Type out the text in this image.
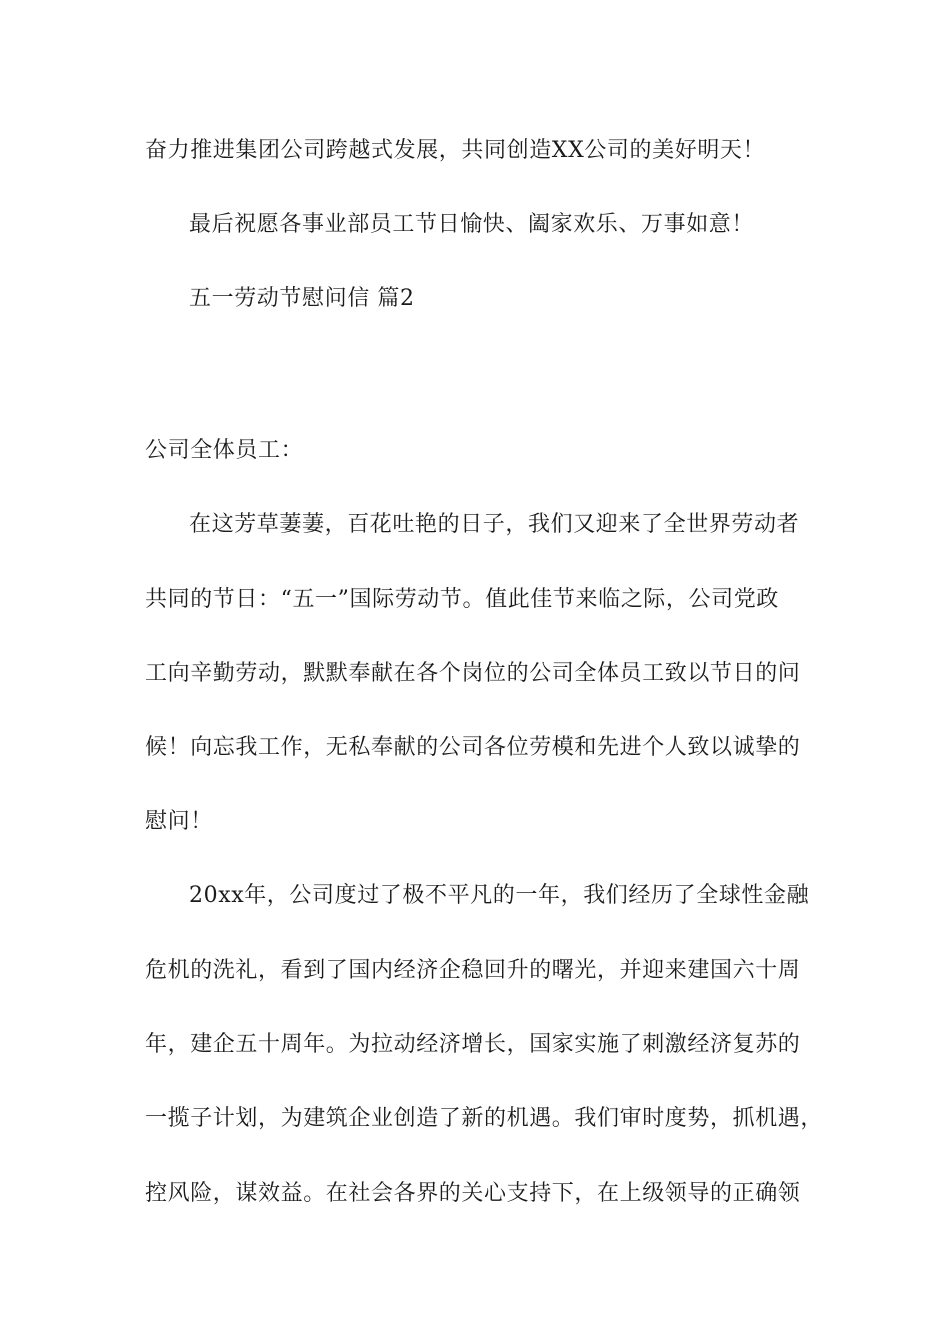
奋力推进集团公司跨越式发展，共同创造XX公司的美好明天！
最后祝愿各事业部员工节日愉快、阖家欢乐、万事如意！
五一劳动节慰问信 篇2
公司全体员工：
在这芳草萋萋，百花吐艳的日子，我们又迎来了全世界劳动者
共同的节日：“五一”国际劳动节。值此佳节来临之际，公司党政
工向辛勤劳动，默默奉献在各个岗位的公司全体员工致以节日的问
候！向忘我工作，无私奉献的公司各位劳模和先进个人致以诚挚的
慰问！
20xx年，公司度过了极不平凡的一年，我们经历了全球性金融
危机的洗礼，看到了国内经济企稳回升的曙光，并迎来建国六十周
年，建企五十周年。为拉动经济增长，国家实施了刺激经济复苏的
一揽子计划，为建筑企业创造了新的机遇。我们审时度势，抓机遇，
控风险，谋效益。在社会各界的关心支持下，在上级领导的正确领
